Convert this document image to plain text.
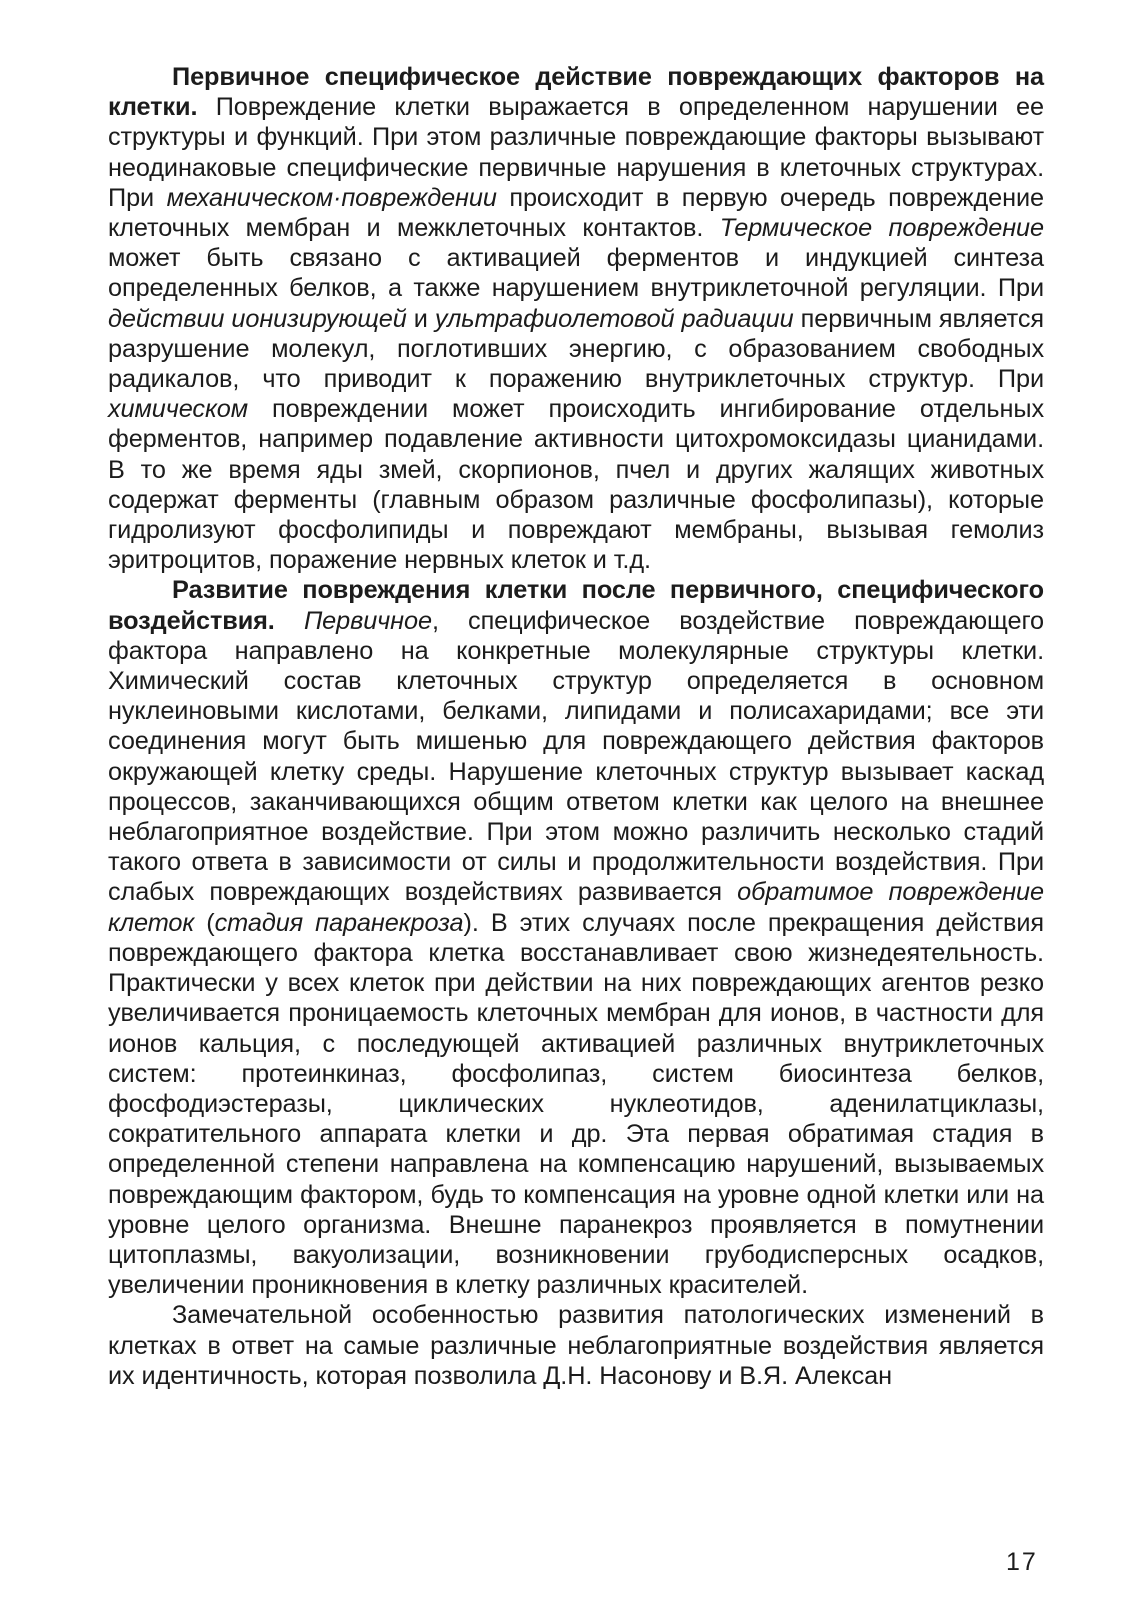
Первичное специфическое действие повреждающих факторов на клетки. Повреждение клетки выражается в определенном нарушении ее структуры и функций. При этом различные повреждающие факторы вызывают неодинаковые специфические первичные нарушения в клеточных структурах. При механическом·повреждении происходит в первую очередь повреждение клеточных мембран и межклеточных контактов. Термическое повреждение может быть связано с активацией ферментов и индукцией синтеза определенных белков, а также нарушением внутриклеточной регуляции. При действии ионизирующей и ультрафиолетовой радиации первичным является разрушение молекул, поглотивших энергию, с образованием свободных радикалов, что приводит к поражению внутриклеточных структур. При химическом повреждении может происходить ингибирование отдельных ферментов, например подавление активности цитохромоксидазы цианидами. В то же время яды змей, скорпионов, пчел и других жалящих животных содержат ферменты (главным образом различные фосфолипазы), которые гидролизуют фосфолипиды и повреждают мембраны, вызывая гемолиз эритроцитов, поражение нервных клеток и т.д.

Развитие повреждения клетки после первичного, специфического воздействия. Первичное, специфическое воздействие повреждающего фактора направлено на конкретные молекулярные структуры клетки. Химический состав клеточных структур определяется в основном нуклеиновыми кислотами, белками, липидами и полисахаридами; все эти соединения могут быть мишенью для повреждающего действия факторов окружающей клетку среды. Нарушение клеточных структур вызывает каскад процессов, заканчивающихся общим ответом клетки как целого на внешнее неблагоприятное воздействие. При этом можно различить несколько стадий такого ответа в зависимости от силы и продолжительности воздействия. При слабых повреждающих воздействиях развивается обратимое повреждение клеток (стадия паранекроза). В этих случаях после прекращения действия повреждающего фактора клетка восстанавливает свою жизнедеятельность. Практически у всех клеток при действии на них повреждающих агентов резко увеличивается проницаемость клеточных мембран для ионов, в частности для ионов кальция, с последующей активацией различных внутриклеточных систем: протеинкиназ, фосфолипаз, систем биосинтеза белков, фосфодиэстеразы, циклических нуклеотидов, аденилатциклазы, сократительного аппарата клетки и др. Эта первая обратимая стадия в определенной степени направлена на компенсацию нарушений, вызываемых повреждающим фактором, будь то компенсация на уровне одной клетки или на уровне целого организма. Внешне паранекроз проявляется в помутнении цитоплазмы, вакуолизации, возникновении грубодисперсных осадков, увеличении проникновения в клетку различных красителей.

Замечательной особенностью развития патологических изменений в клетках в ответ на самые различные неблагоприятные воздействия является их идентичность, которая позволила Д.Н. Насонову и В.Я. Алексан

17
